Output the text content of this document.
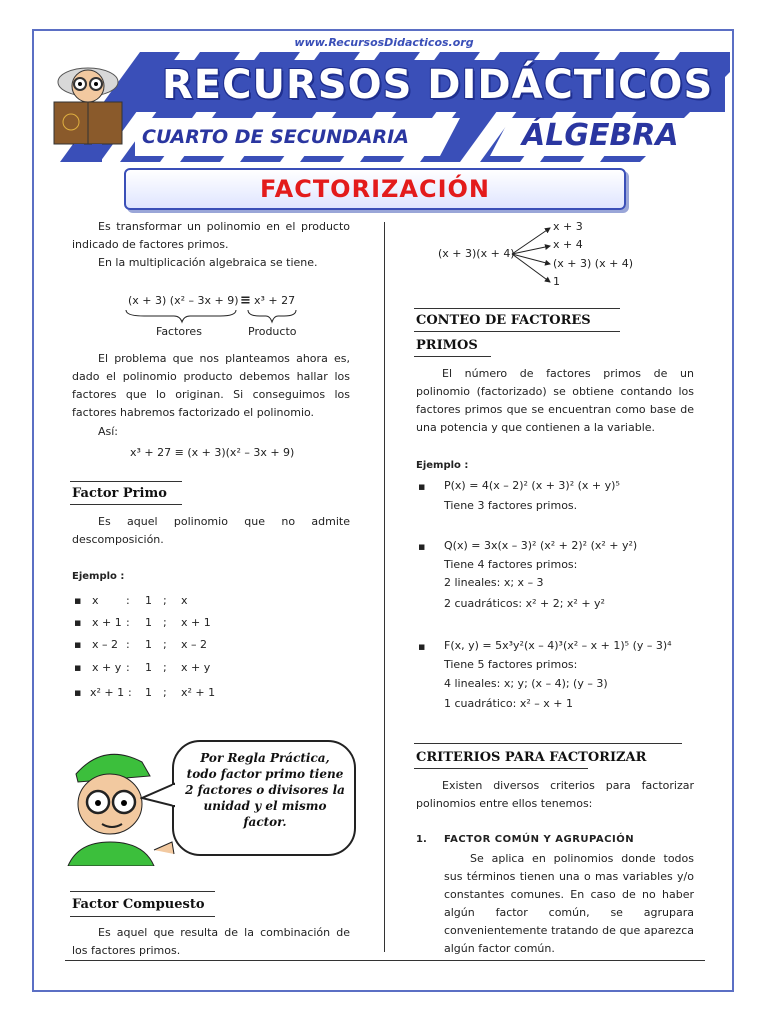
www.RecursosDidacticos.org
RECURSOS DIDÁCTICOS
CUARTO DE SECUNDARIA	ÁLGEBRA
FACTORIZACIÓN
Es transformar un polinomio en el producto indicado de factores primos.
En la multiplicación algebraica se tiene.
(x + 3) (x² – 3x + 9) ≡ x³ + 27
Factores	Producto
El problema que nos planteamos ahora es, dado el polinomio producto debemos hallar los factores que lo originan. Si conseguimos los factores habremos factorizado el polinomio.
Así:
x³ + 27 ≡ (x + 3)(x² – 3x + 9)
Factor Primo
Es aquel polinomio que no admite descomposición.
Ejemplo :
▪ x : 1 ; x
▪ x + 1 : 1 ; x + 1
▪ x – 2 : 1 ; x – 2
▪ x + y : 1 ; x + y
▪ x² + 1 : 1 ; x² + 1
Por Regla Práctica, todo factor primo tiene 2 factores o divisores la unidad y el mismo factor.
Factor Compuesto
Es aquel que resulta de la combinación de los factores primos.
(x + 3)(x + 4)
x + 3
x + 4
(x + 3) (x + 4)
1
CONTEO DE FACTORES
PRIMOS
El número de factores primos de un polinomio (factorizado) se obtiene contando los factores primos que se encuentran como base de una potencia y que contienen a la variable.
Ejemplo :
▪ P(x) = 4(x – 2)² (x + 3)² (x + y)⁵
Tiene 3 factores primos.
▪ Q(x) = 3x(x – 3)² (x² + 2)² (x² + y²)
Tiene 4 factores primos:
2 lineales: x; x – 3
2 cuadráticos: x² + 2; x² + y²
▪ F(x, y) = 5x³y²(x – 4)³(x² – x + 1)⁵ (y – 3)⁴
Tiene 5 factores primos:
4 lineales: x; y; (x – 4); (y – 3)
1 cuadrático: x² – x + 1
CRITERIOS PARA FACTORIZAR
Existen diversos criterios para factorizar polinomios entre ellos tenemos:
1. FACTOR COMÚN Y AGRUPACIÓN
Se aplica en polinomios donde todos sus términos tienen una o mas variables y/o constantes comunes. En caso de no haber algún factor común, se agrupara convenientemente tratando de que aparezca algún factor común.
